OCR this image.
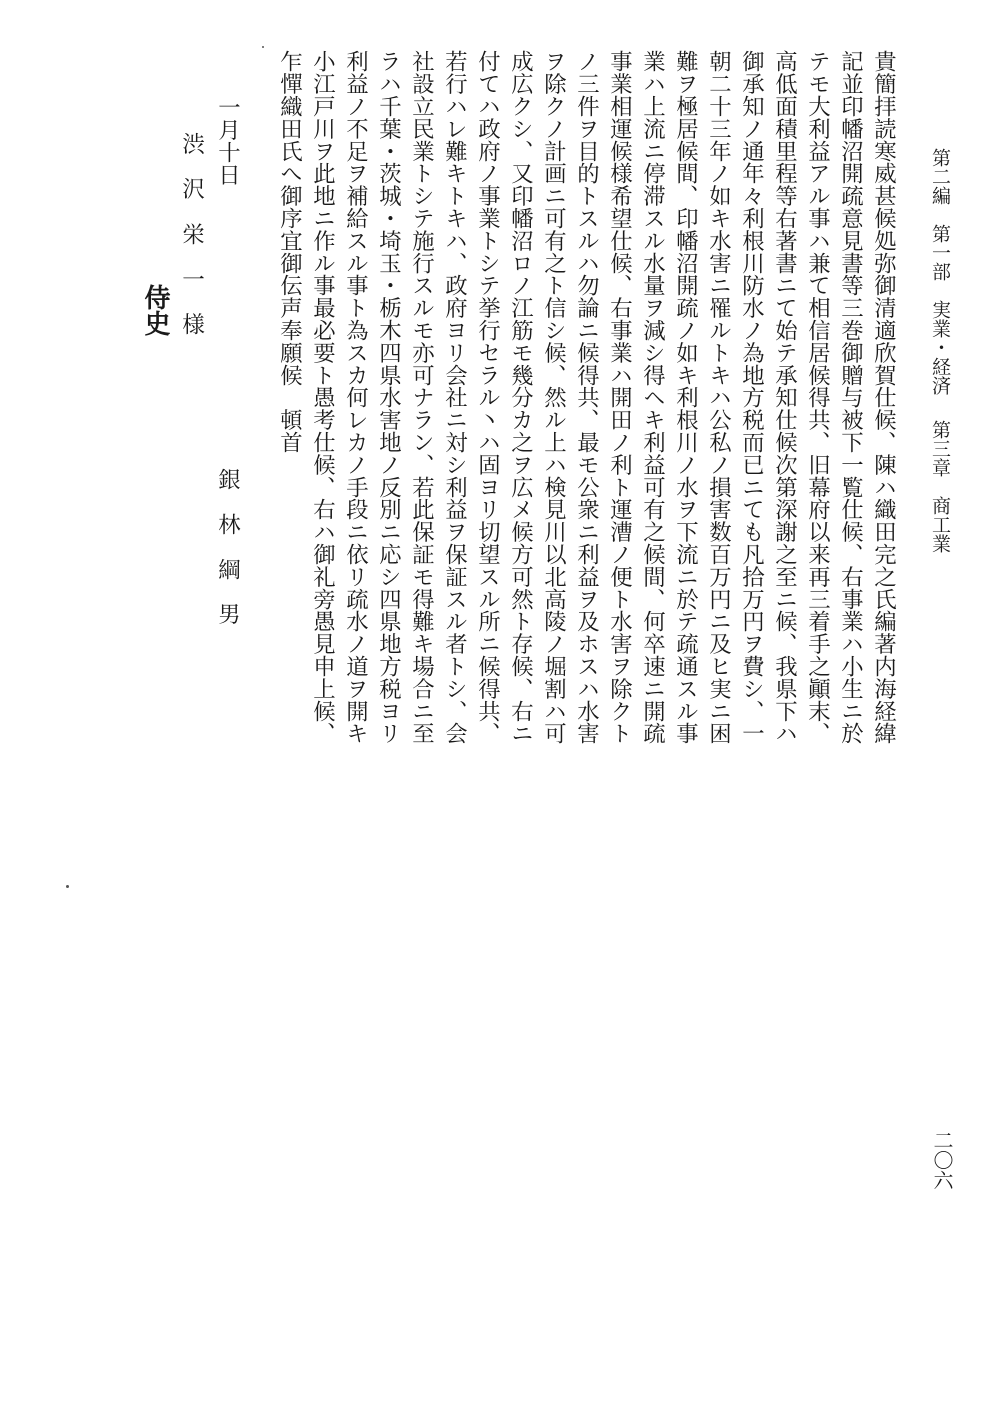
第二編　第一部　実業・経済
第三章　商工業
二〇六
貴簡拝読寒威甚候処弥御清適欣賀仕候、陳ハ織田完之氏編著内海経緯
記並印幡沼開疏意見書等三巻御贈与被下一覧仕候、右事業ハ小生ニ於
テモ大利益アル事ハ兼て相信居候得共、旧幕府以来再三着手之顚末、
高低面積里程等右著書ニて始テ承知仕候次第深謝之至ニ候、我県下ハ
御承知ノ通年々利根川防水ノ為地方税而已ニても凡拾万円ヲ費シ、一
朝二十三年ノ如キ水害ニ罹ルトキハ公私ノ損害数百万円ニ及ヒ実ニ困
難ヲ極居候間、印幡沼開疏ノ如キ利根川ノ水ヲ下流ニ於テ疏通スル事
業ハ上流ニ停滞スル水量ヲ減シ得ヘキ利益可有之候間、何卒速ニ開疏
事業相運候様希望仕候、右事業ハ開田ノ利ト運漕ノ便ト水害ヲ除クト
ノ三件ヲ目的トスルハ勿論ニ候得共、最モ公衆ニ利益ヲ及ホスハ水害
ヲ除クノ計画ニ可有之ト信シ候、然ル上ハ検見川以北高陵ノ堀割ハ可
成広クシ、又印幡沼ロノ江筋モ幾分カ之ヲ広メ候方可然ト存候、右ニ
付てハ政府ノ事業トシテ挙行セラル丶ハ固ヨリ切望スル所ニ候得共、
若行ハレ難キトキハ、政府ヨリ会社ニ対シ利益ヲ保証スル者トシ、会
社設立民業トシテ施行スルモ亦可ナラン、若此保証モ得難キ場合ニ至
ラハ千葉・茨城・埼玉・栃木四県水害地ノ反別ニ応シ四県地方税ヨリ
利益ノ不足ヲ補給スル事ト為スカ何レカノ手段ニ依リ疏水ノ道ヲ開キ
小江戸川ヲ此地ニ作ル事最必要ト愚考仕候、右ハ御礼旁愚見申上候、
乍憚織田氏へ御序宜御伝声奉願候　頓首
一月十日
銀　林　綱　男
渋　沢　栄　一　様
侍史
